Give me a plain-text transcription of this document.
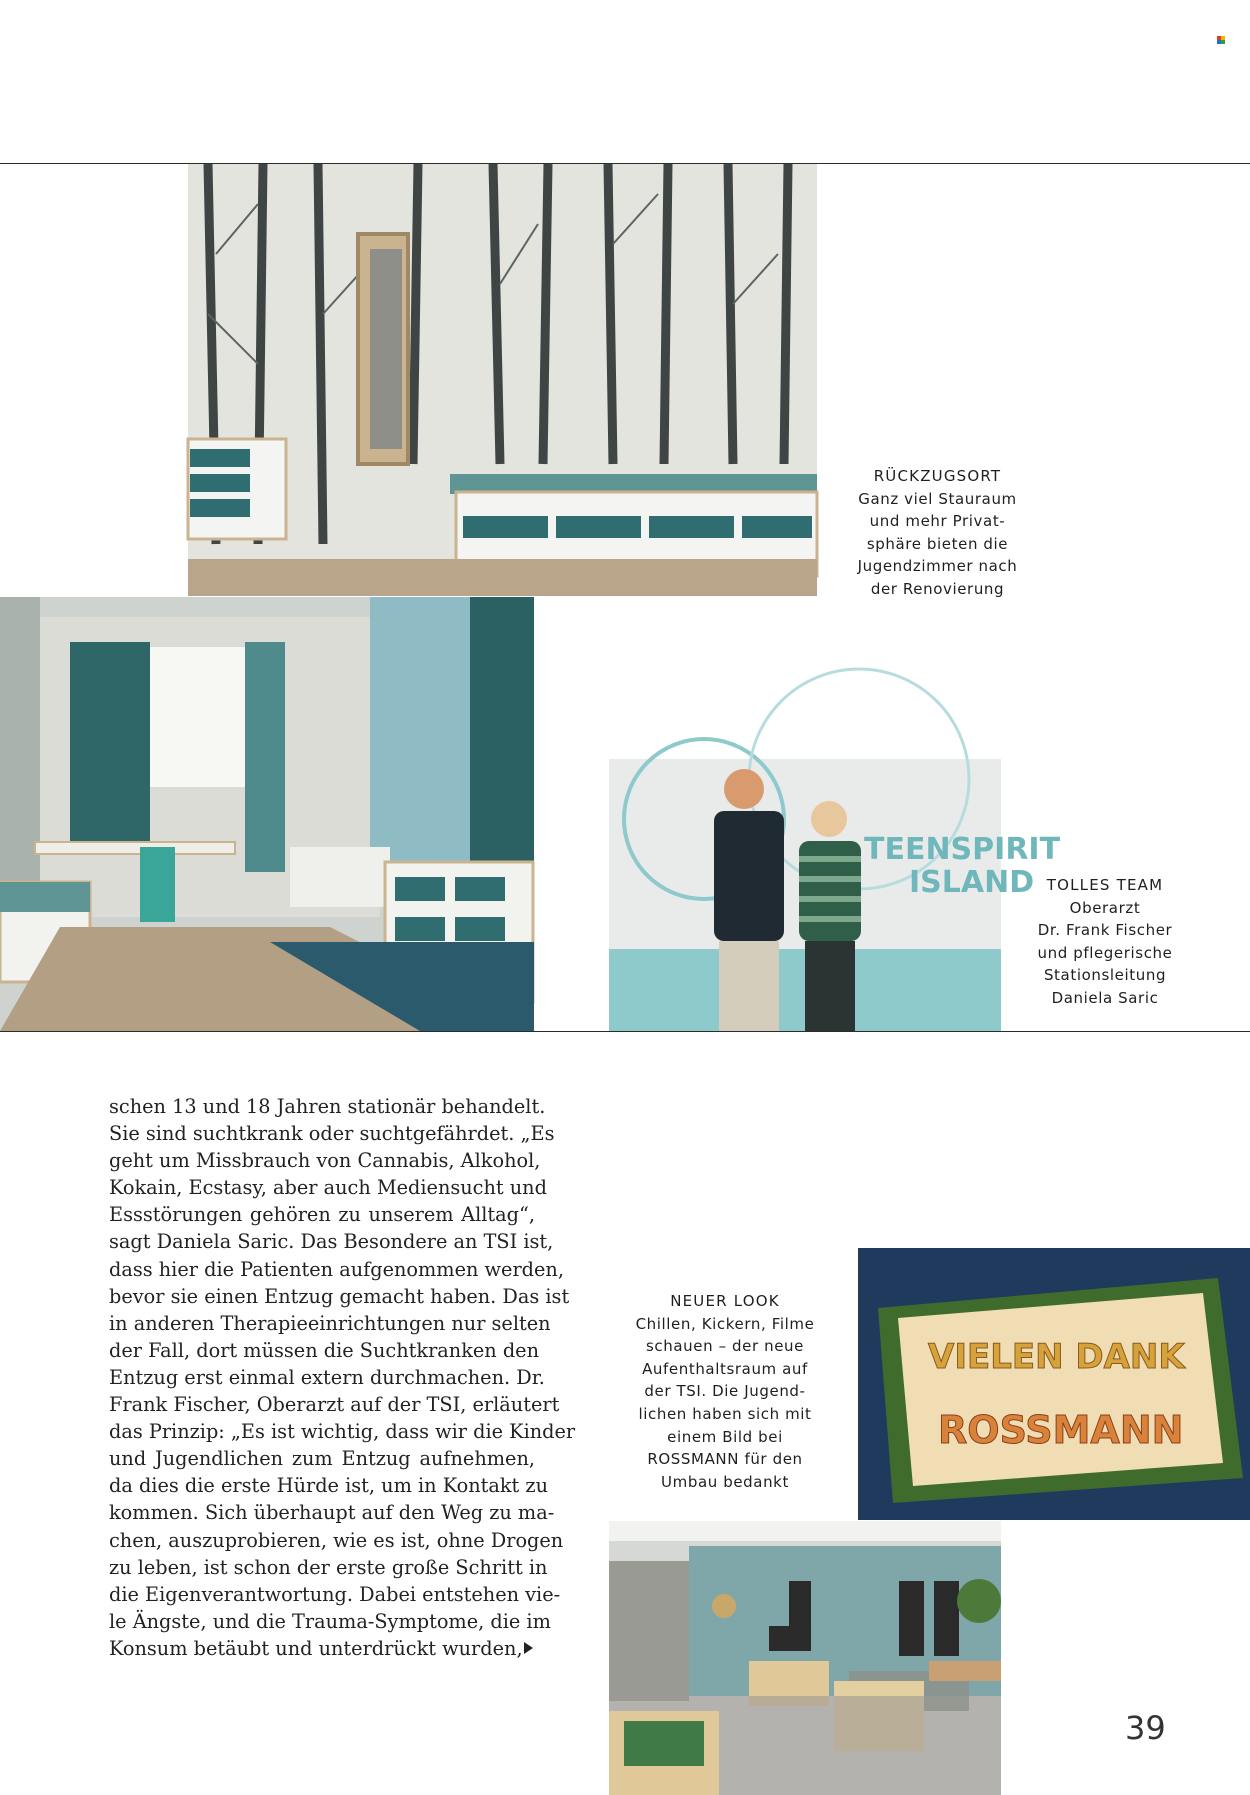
RÜCKZUGSORT
Ganz viel Stauraum
und mehr Privat-
sphäre bieten die
Jugendzimmer nach
der Renovierung
TEENSPIRIT
ISLAND TOLLES TEAM
Oberarzt
Dr. Frank Fischer
und pflegerische
Stationsleitung
Daniela Saric
schen 13 und 18 Jahren stationär behandelt.
Sie sind suchtkrank oder suchtgefährdet. „Es
geht um Missbrauch von Cannabis, Alkohol,
Kokain, Ecstasy, aber auch Mediensucht und
Essstörungen gehören zu unserem Alltag“,
sagt Daniela Saric. Das Besondere an TSI ist,
dass hier die Patienten aufgenommen werden,
bevor sie einen Entzug gemacht haben. Das ist
in anderen Therapieeinrichtungen nur selten
der Fall, dort müssen die Suchtkranken den
Entzug erst einmal extern durchmachen. Dr.
Frank Fischer, Oberarzt auf der TSI, erläutert
das Prinzip: „Es ist wichtig, dass wir die Kinder
und Jugendlichen zum Entzug aufnehmen,
da dies die erste Hürde ist, um in Kontakt zu
kommen. Sich überhaupt auf den Weg zu ma-
chen, auszuprobieren, wie es ist, ohne Drogen
zu leben, ist schon der erste große Schritt in
die Eigenverantwortung. Dabei entstehen vie-
le Ängste, und die Trauma-Symptome, die im
Konsum betäubt und unterdrückt wurden,
NEUER LOOK
Chillen, Kickern, Filme
schauen – der neue
Aufenthaltsraum auf
der TSI. Die Jugend-
lichen haben sich mit
einem Bild bei
ROSSMANN für den
Umbau bedankt
VIELEN DANK
ROSSMANN
39
